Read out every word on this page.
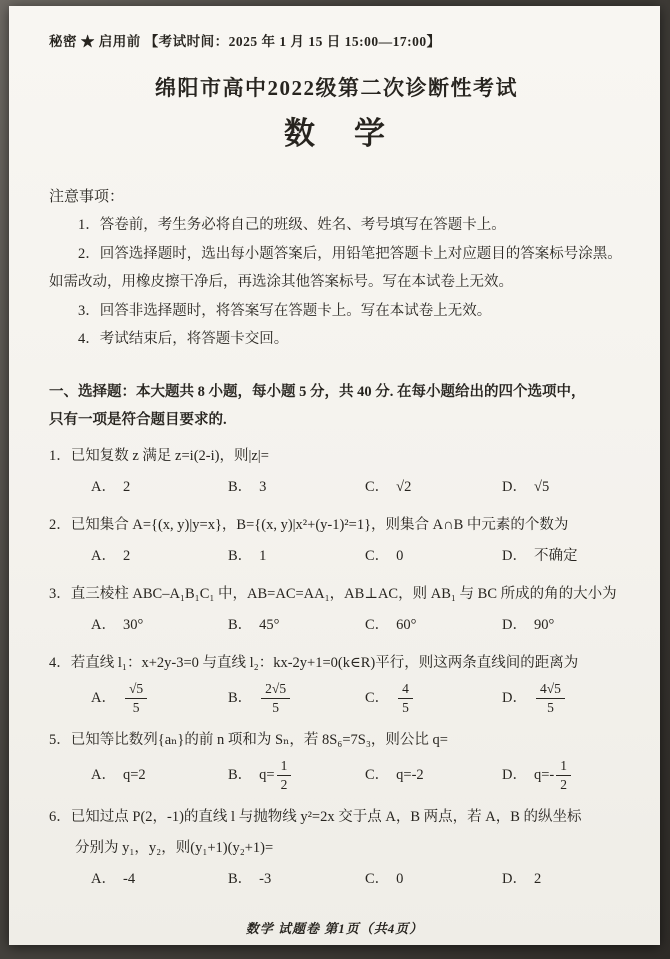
秘密 ★ 启用前 【考试时间：2025 年 1 月 15 日 15:00—17:00】
绵阳市高中2022级第二次诊断性考试
数　学
注意事项：
1．答卷前，考生务必将自己的班级、姓名、考号填写在答题卡上。
2．回答选择题时，选出每小题答案后，用铅笔把答题卡上对应题目的答案标号涂黑。如需改动，用橡皮擦干净后，再选涂其他答案标号。写在本试卷上无效。
3．回答非选择题时，将答案写在答题卡上。写在本试卷上无效。
4．考试结束后，将答题卡交回。
一、选择题：本大题共 8 小题，每小题 5 分，共 40 分. 在每小题给出的四个选项中，
只有一项是符合题目要求的.
1．已知复数 z 满足 z=i(2-i)，则|z|=
A． 2	B． 3	C． √2	D． √5
2．已知集合 A={(x, y)|y=x}，B={(x, y)|x²+(y-1)²=1}，则集合 A∩B 中元素的个数为
A． 2	B． 1	C． 0	D． 不确定
3．直三棱柱 ABC–A₁B₁C₁ 中，AB=AC=AA₁，AB⊥AC，则 AB₁ 与 BC 所成的角的大小为
A． 30°	B． 45°	C． 60°	D． 90°
4．若直线 l₁：x+2y-3=0 与直线 l₂：kx-2y+1=0(k∈R)平行，则这两条直线间的距离为
A． $\frac{√5}{5}$	B． $\frac{2√5}{5}$	C． $\frac{4}{5}$	D． $\frac{4√5}{5}$
5．已知等比数列{aₙ}的前 n 项和为 Sₙ，若 8S₆=7S₃，则公比 q=
A． q=2	B． $q= \frac{1}{2}$	C． q=-2	D． $q=- \frac{1}{2}$
6．已知过点 P(2，-1)的直线 l 与抛物线 y²=2x 交于点 A，B 两点，若 A，B 的纵坐标
分别为 y₁，y₂，则(y₁+1)(y₂+1)=
A． -4	B． -3	C． 0	D． 2
数学 试题卷 第1页（共4页）
